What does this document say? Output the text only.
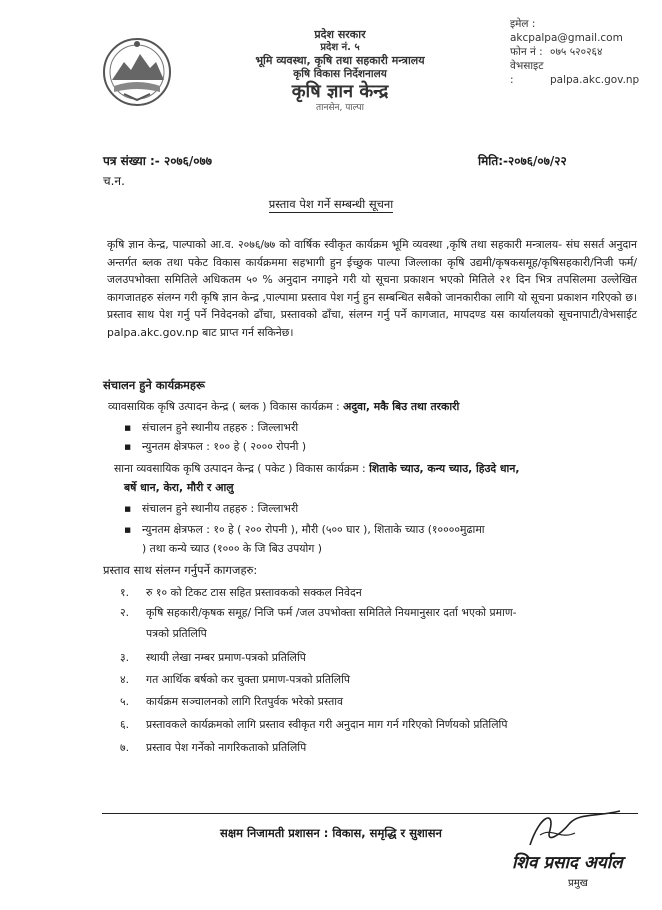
इमेल :akcpalpa@gmail.com
फोन नं : ०७५ ५२०२६४
वेभसाइट :	palpa.akc.gov.np
प्रदेश सरकार
प्रदेश नं. ५
भूमि व्यवस्था, कृषि तथा सहकारी मन्त्रालय
कृषि विकास निर्देशनालय
कृषि ज्ञान केन्द्र
तानसेन, पाल्पा
पत्र संख्या :- २०७६/०७७	मिति:-२०७६/०७/२२
च.न.
प्रस्ताव पेश गर्ने सम्बन्धी सूचना
कृषि ज्ञान केन्द्र, पाल्पाको आ.व. २०७६/७७ को वार्षिक स्वीकृत कार्यक्रम भूमि व्यवस्था ,कृषि तथा सहकारी मन्त्रालय- संघ ससर्त अनुदान अन्तर्गत ब्लक तथा पकेट विकास कार्यक्रममा सहभागी हुन ईच्छुक पाल्पा जिल्लाका कृषि उद्यमी/कृषकसमूह/कृषिसहकारी/निजी फर्म/जलउपभोक्ता समितिले अधिकतम ५० % अनुदान नगाइने गरी यो सूचना प्रकाशन भएको मितिले २१ दिन भित्र तपसिलमा उल्लेखित कागजातहरु संलग्न गरी कृषि ज्ञान केन्द्र ,पाल्पामा प्रस्ताव पेश गर्नु हुन सम्बन्धित सबैको जानकारीका लागि यो सूचना प्रकाशन गरिएको छ। प्रस्ताव साथ पेश गर्नु पर्ने निवेदनको ढाँचा, प्रस्तावको ढाँचा, संलग्न गर्नु पर्ने कागजात, मापदण्ड यस कार्यालयको सूचनापाटी/वेभसाईट palpa.akc.gov.np बाट प्राप्त गर्न सकिनेछ।
संचालन हुने कार्यक्रमहरू
व्यावसायिक कृषि उत्पादन केन्द्र ( ब्लक ) विकास कार्यक्रम : अदुवा, मकै बिउ तथा तरकारी
▪ संचालन हुने स्थानीय तहहरु : जिल्लाभरी
▪ न्युनतम क्षेत्रफल : १०० हे ( २००० रोपनी )
साना व्यवसायिक कृषि उत्पादन केन्द्र ( पकेट ) विकास कार्यक्रम : शिताके च्याउ, कन्य च्याउ, हिउदे धान,
बर्षे धान, केरा, मौरी र आलु
▪ संचालन हुने स्थानीय तहहरु : जिल्लाभरी
▪ न्युनतम क्षेत्रफल : १० हे ( २०० रोपनी ), मौरी (५०० घार ), शिताके च्याउ (१००००मुढामा
) तथा कन्ये च्याउ (१००० के जि बिउ उपयोग )
प्रस्ताव साथ संलग्न गर्नुपर्ने कागजहरु:
१. रु १० को टिकट टास सहित प्रस्तावकको सक्कल निवेदन
२. कृषि सहकारी/कृषक समूह/ निजि फर्म /जल उपभोक्ता समितिले नियमानुसार दर्ता भएको प्रमाण-
पत्रको प्रतिलिपि
३. स्थायी लेखा नम्बर प्रमाण-पत्रको प्रतिलिपि
४. गत आर्थिक बर्षको कर चुक्ता प्रमाण-पत्रको प्रतिलिपि
५. कार्यक्रम सञ्चालनको लागि रितपुर्वक भरेको प्रस्ताव
६. प्रस्तावकले कार्यक्रमको लागि प्रस्ताव स्वीकृत गरी अनुदान माग गर्न गरिएको निर्णयको प्रतिलिपि
७. प्रस्ताव पेश गर्नेको नागरिकताको प्रतिलिपि
सक्षम निजामती प्रशासन : विकास, समृद्धि र सुशासन
शिव प्रसाद अर्याल
प्रमुख
